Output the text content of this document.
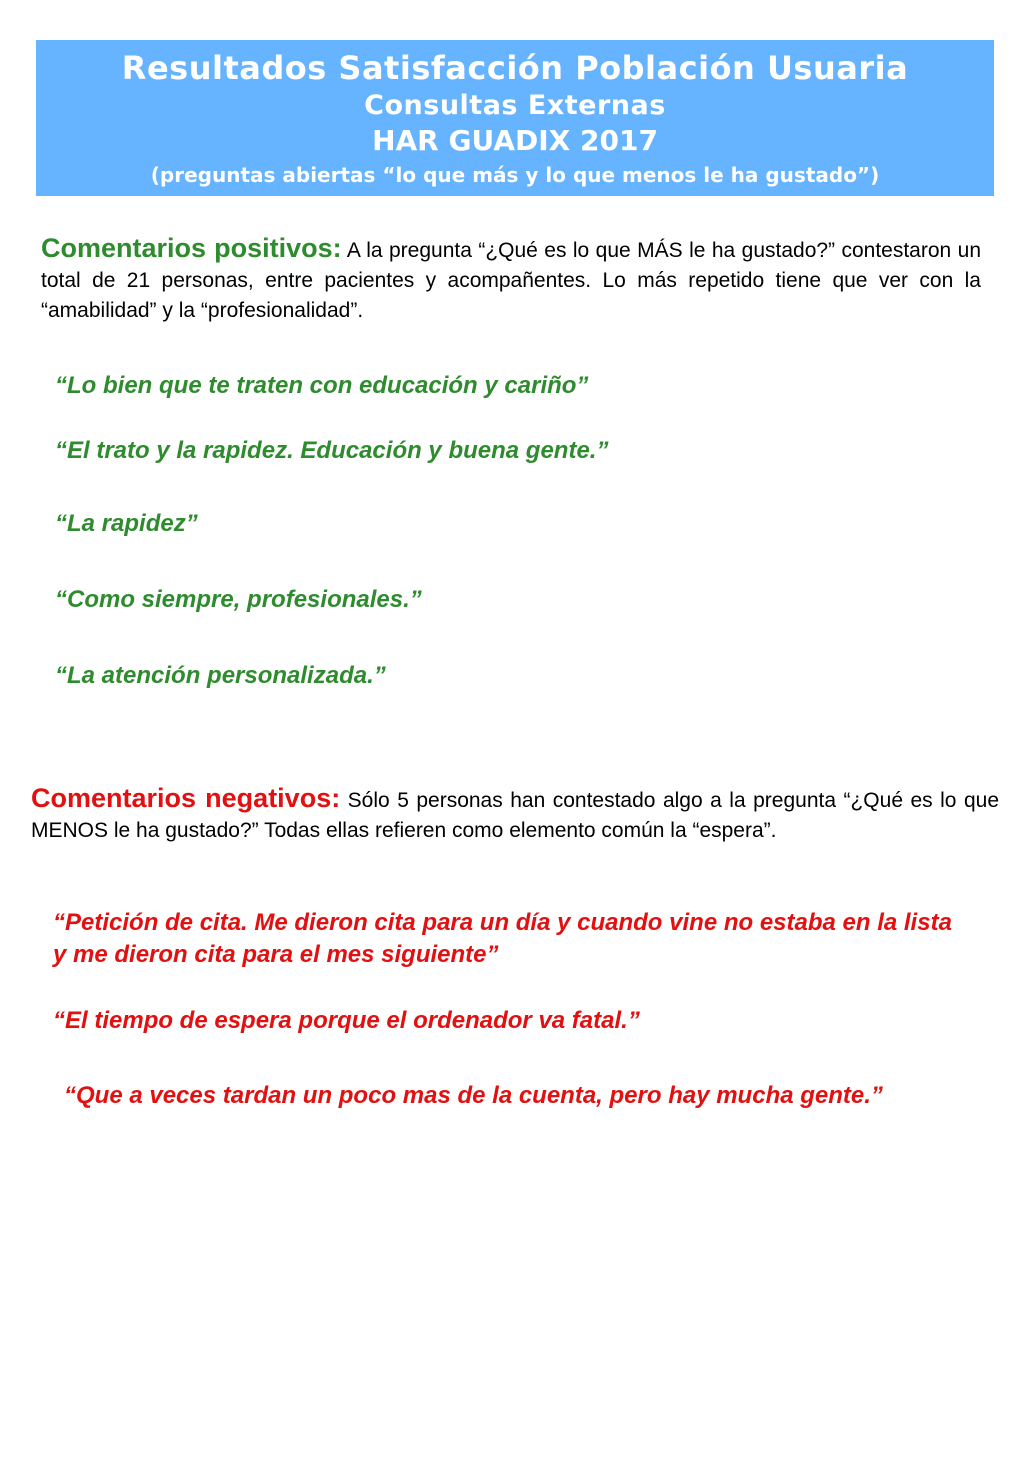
Resultados Satisfacción Población Usuaria
Consultas Externas
HAR GUADIX 2017
(preguntas abiertas “lo que más y lo que menos le ha gustado”)
Comentarios positivos: A la pregunta “¿Qué es lo que MÁS le ha gustado?” contestaron un total de 21 personas, entre pacientes y acompañentes. Lo más repetido tiene que ver con la “amabilidad” y la “profesionalidad”.
“Lo bien que te traten con educación y cariño”
“El trato y la rapidez. Educación y buena gente.”
“La rapidez”
“Como siempre, profesionales.”
“La atención personalizada.”
Comentarios negativos: Sólo 5 personas han contestado algo a la pregunta “¿Qué es lo que MENOS le ha gustado?” Todas ellas refieren como elemento común la “espera”.
“Petición de cita. Me dieron cita para un día y cuando vine no estaba en la lista y me dieron cita para el mes siguiente”
“El tiempo de espera porque el ordenador va fatal.”
“Que a veces tardan un poco mas de la cuenta, pero hay mucha gente.”
